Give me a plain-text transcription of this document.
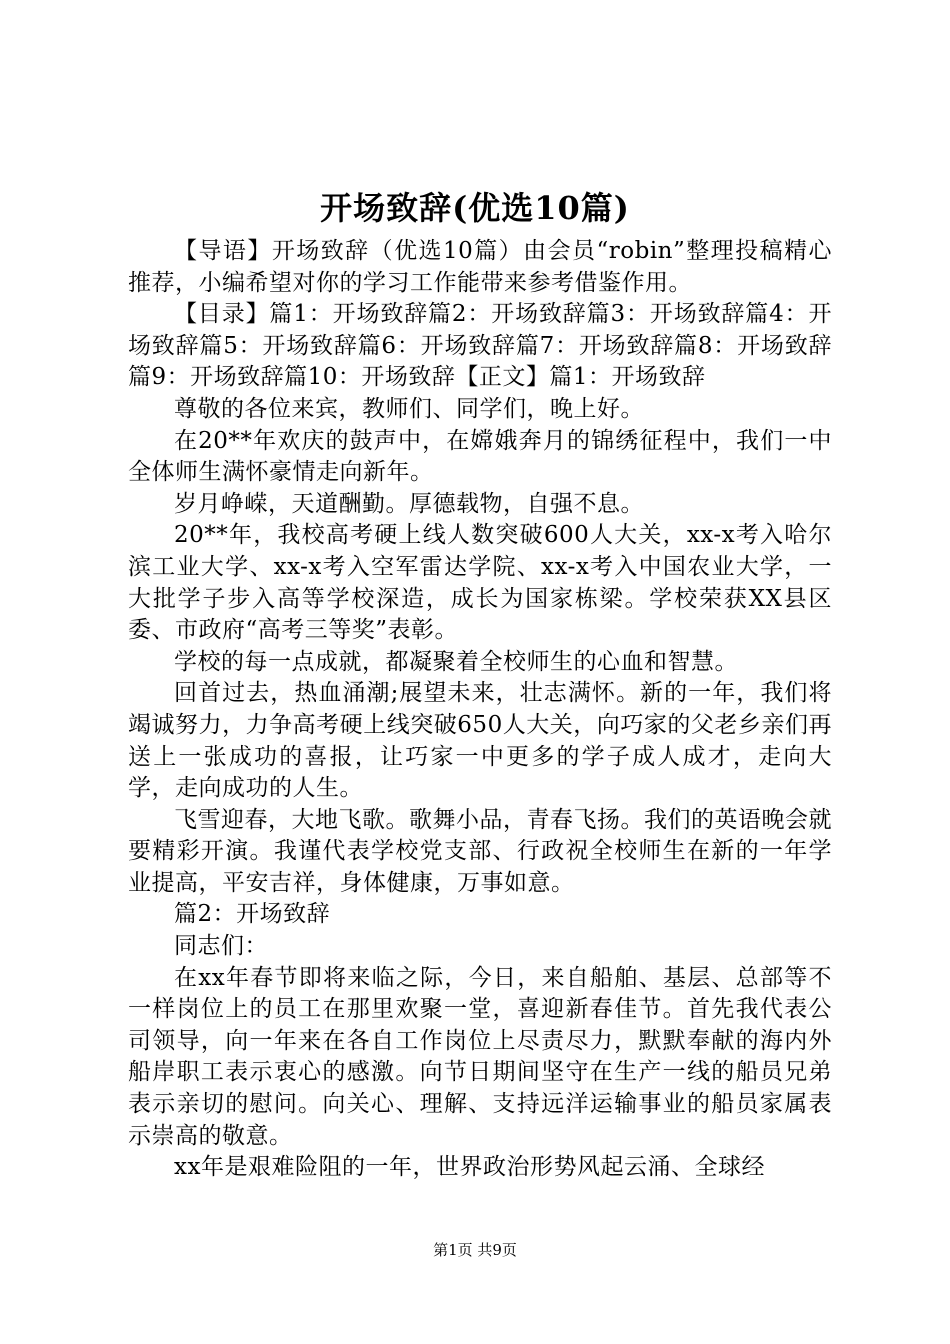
开场致辞(优选10篇)

【导语】开场致辞（优选10篇）由会员“robin”整理投稿精心推荐，小编希望对你的学习工作能带来参考借鉴作用。

【目录】篇1：开场致辞篇2：开场致辞篇3：开场致辞篇4：开场致辞篇5：开场致辞篇6：开场致辞篇7：开场致辞篇8：开场致辞篇9：开场致辞篇10：开场致辞【正文】篇1：开场致辞

尊敬的各位来宾，教师们、同学们，晚上好。

在20**年欢庆的鼓声中，在嫦娥奔月的锦绣征程中，我们一中全体师生满怀豪情走向新年。

岁月峥嵘，天道酬勤。厚德载物，自强不息。

20**年，我校高考硬上线人数突破600人大关，xx-x考入哈尔滨工业大学、xx-x考入空军雷达学院、xx-x考入中国农业大学，一大批学子步入高等学校深造，成长为国家栋梁。学校荣获XX县区委、市政府“高考三等奖”表彰。

学校的每一点成就，都凝聚着全校师生的心血和智慧。

回首过去，热血涌潮;展望未来，壮志满怀。新的一年，我们将竭诚努力，力争高考硬上线突破650人大关，向巧家的父老乡亲们再送上一张成功的喜报，让巧家一中更多的学子成人成才，走向大学，走向成功的人生。

飞雪迎春，大地飞歌。歌舞小品，青春飞扬。我们的英语晚会就要精彩开演。我谨代表学校党支部、行政祝全校师生在新的一年学业提高，平安吉祥，身体健康，万事如意。

篇2：开场致辞

同志们：

在xx年春节即将来临之际，今日，来自船舶、基层、总部等不一样岗位上的员工在那里欢聚一堂，喜迎新春佳节。首先我代表公司领导，向一年来在各自工作岗位上尽责尽力，默默奉献的海内外船岸职工表示衷心的感激。向节日期间坚守在生产一线的船员兄弟表示亲切的慰问。向关心、理解、支持远洋运输事业的船员家属表示崇高的敬意。

xx年是艰难险阻的一年，世界政治形势风起云涌、全球经

第1页 共9页
